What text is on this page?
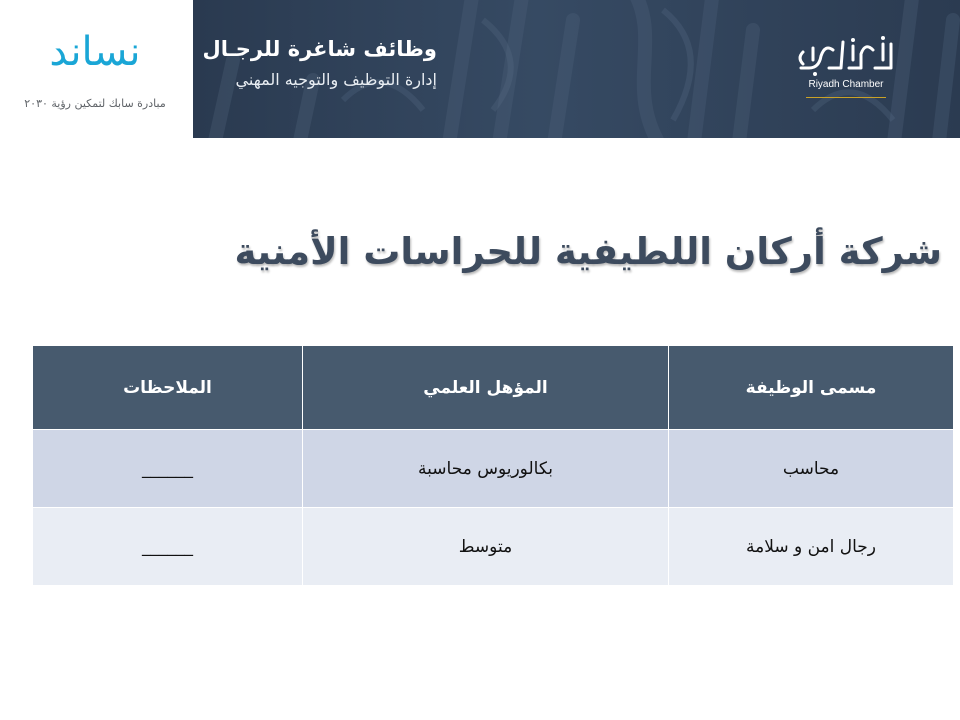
نساند
مبادرة سابك لتمكين رؤية ٢٠٣٠
وظائف شاغرة للرجـال
إدارة التوظيف والتوجيه المهني	Riyadh Chamber
شركة أركان اللطيفية للحراسات الأمنية
مسمى الوظيفة	المؤهل العلمي	الملاحظات
محاسب	بكالوريوس محاسبة	______
رجال امن و سلامة	متوسط	______
